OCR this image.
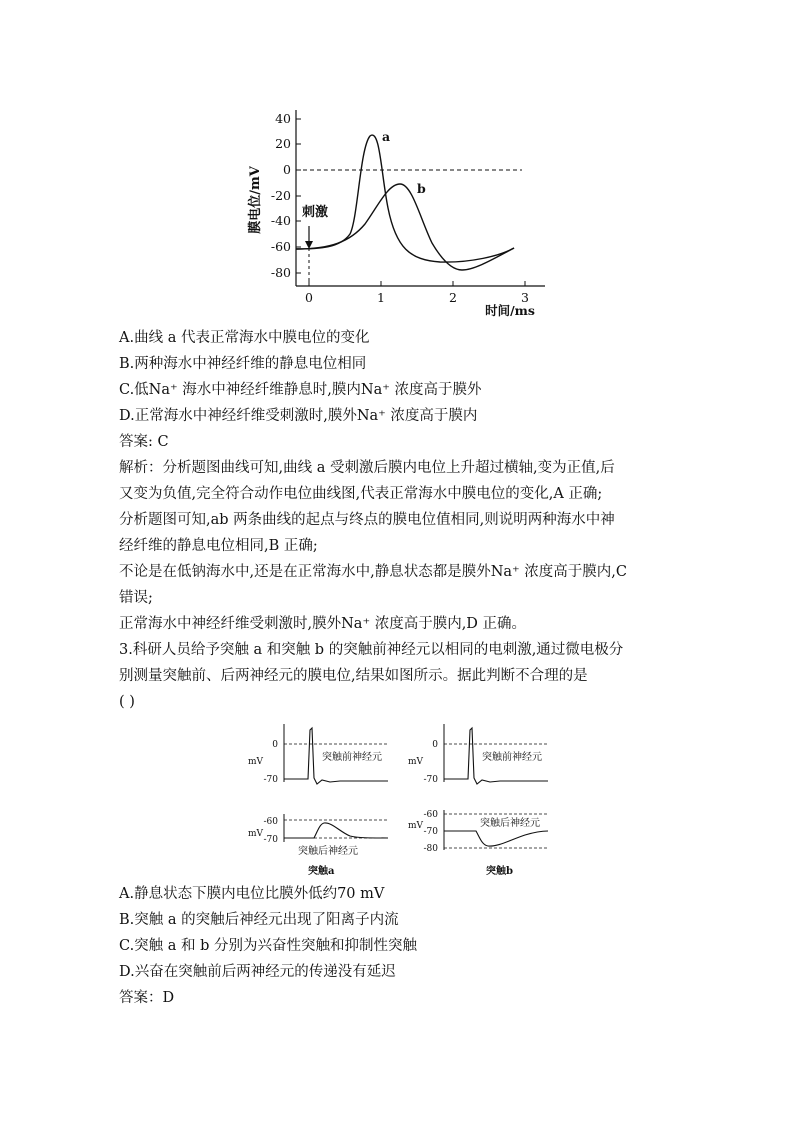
40
20
0
-20
-40
-60
-80
0	1	2	3
膜电位/mV
时间/ms
刺激
a
b
A.曲线 a 代表正常海水中膜电位的变化
B.两种海水中神经纤维的静息电位相同
C.低Na⁺ 海水中神经纤维静息时,膜内Na⁺ 浓度高于膜外
D.正常海水中神经纤维受刺激时,膜外Na⁺ 浓度高于膜内
答案: C
解析：分析题图曲线可知,曲线 a 受刺激后膜内电位上升超过横轴,变为正值,后
又变为负值,完全符合动作电位曲线图,代表正常海水中膜电位的变化,A 正确;
分析题图可知,ab 两条曲线的起点与终点的膜电位值相同,则说明两种海水中神
经纤维的静息电位相同,B 正确;
不论是在低钠海水中,还是在正常海水中,静息状态都是膜外Na⁺ 浓度高于膜内,C
错误;
正常海水中神经纤维受刺激时,膜外Na⁺ 浓度高于膜内,D 正确。
3.科研人员给予突触 a 和突触 b 的突触前神经元以相同的电刺激,通过微电极分
别测量突触前、后两神经元的膜电位,结果如图所示。据此判断不合理的是
( )
mV
0
-70
突触前神经元
mV
-60
-70
突触后神经元
突触a
mV
0
-70
突触前神经元
mV
-60
-70
-80
突触后神经元
突触b
A.静息状态下膜内电位比膜外低约70 mV
B.突触 a 的突触后神经元出现了阳离子内流
C.突触 a 和 b 分别为兴奋性突触和抑制性突触
D.兴奋在突触前后两神经元的传递没有延迟
答案：D
